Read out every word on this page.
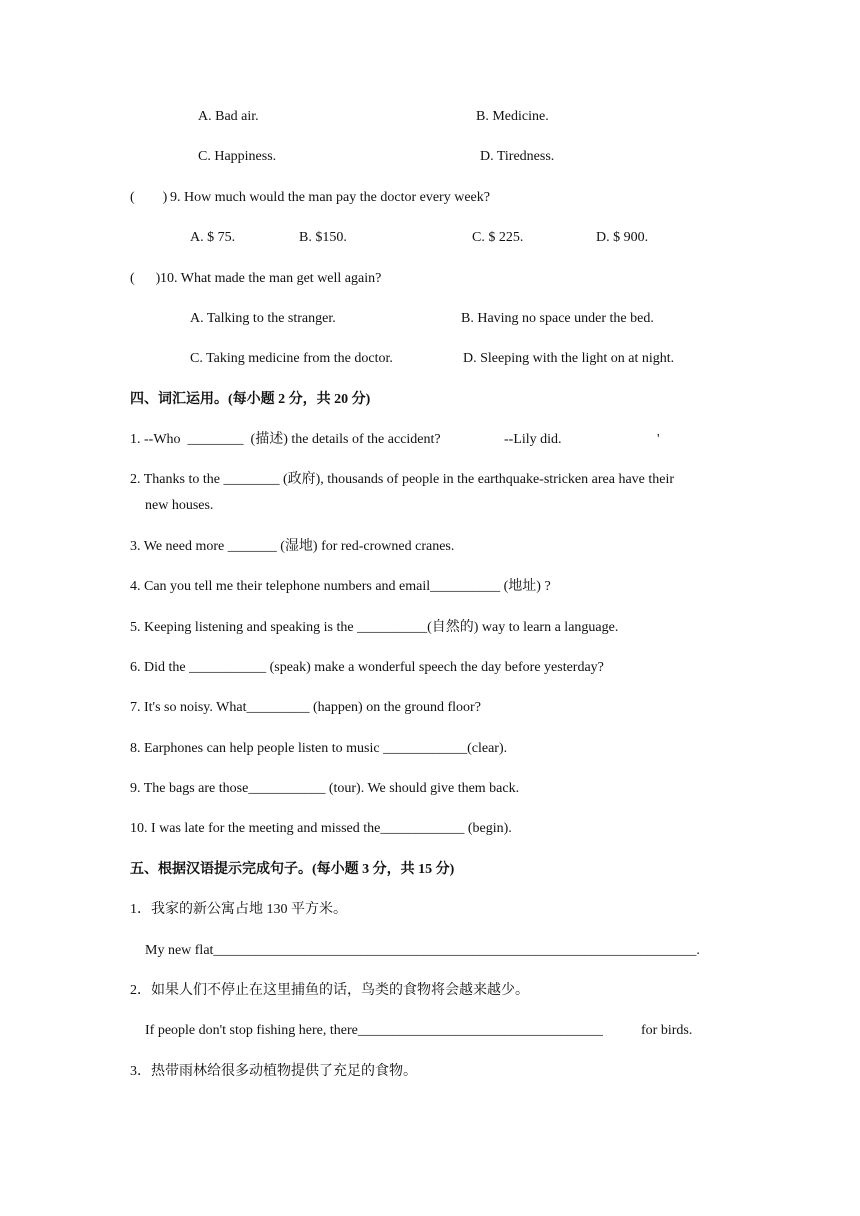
A. Bad air.	B. Medicine.
C. Happiness.	D. Tiredness.
(        ) 9. How much would the man pay the doctor every week?
A. $ 75.	B. $150.	C. $ 225.	D. $ 900.
(      ) 10. What made the man get well again?
A. Talking to the stranger.	B. Having no space under the bed.
C. Taking medicine from the doctor.	D. Sleeping with the light on at night.
四、词汇运用。(每小题 2 分，共 20 分)
1. --Who  ________  (描述) the details of the accident?	--Lily did.	'
2. Thanks to the ________ (政府), thousands of people in the earthquake-stricken area have their
new houses.
3. We need more _______ (湿地) for red-crowned cranes.
4. Can you tell me their telephone numbers and email__________ (地址) ?
5. Keeping listening and speaking is the __________(自然的) way to learn a language.
6. Did the ___________ (speak) make a wonderful speech the day before yesterday?
7. It's so noisy. What_________ (happen) on the ground floor?
8. Earphones can help people listen to music ____________(clear).
9. The bags are those___________ (tour). We should give them back.
10. I was late for the meeting and missed the____________ (begin).
五、根据汉语提示完成句子。(每小题 3 分，共 15 分)
1．我家的新公寓占地 130 平方米。
My new flat_____________________________________________________________________.
2．如果人们不停止在这里捕鱼的话，鸟类的食物将会越来越少。
If people don't stop fishing here, there___________________________________	for birds.
3．热带雨林给很多动植物提供了充足的食物。
